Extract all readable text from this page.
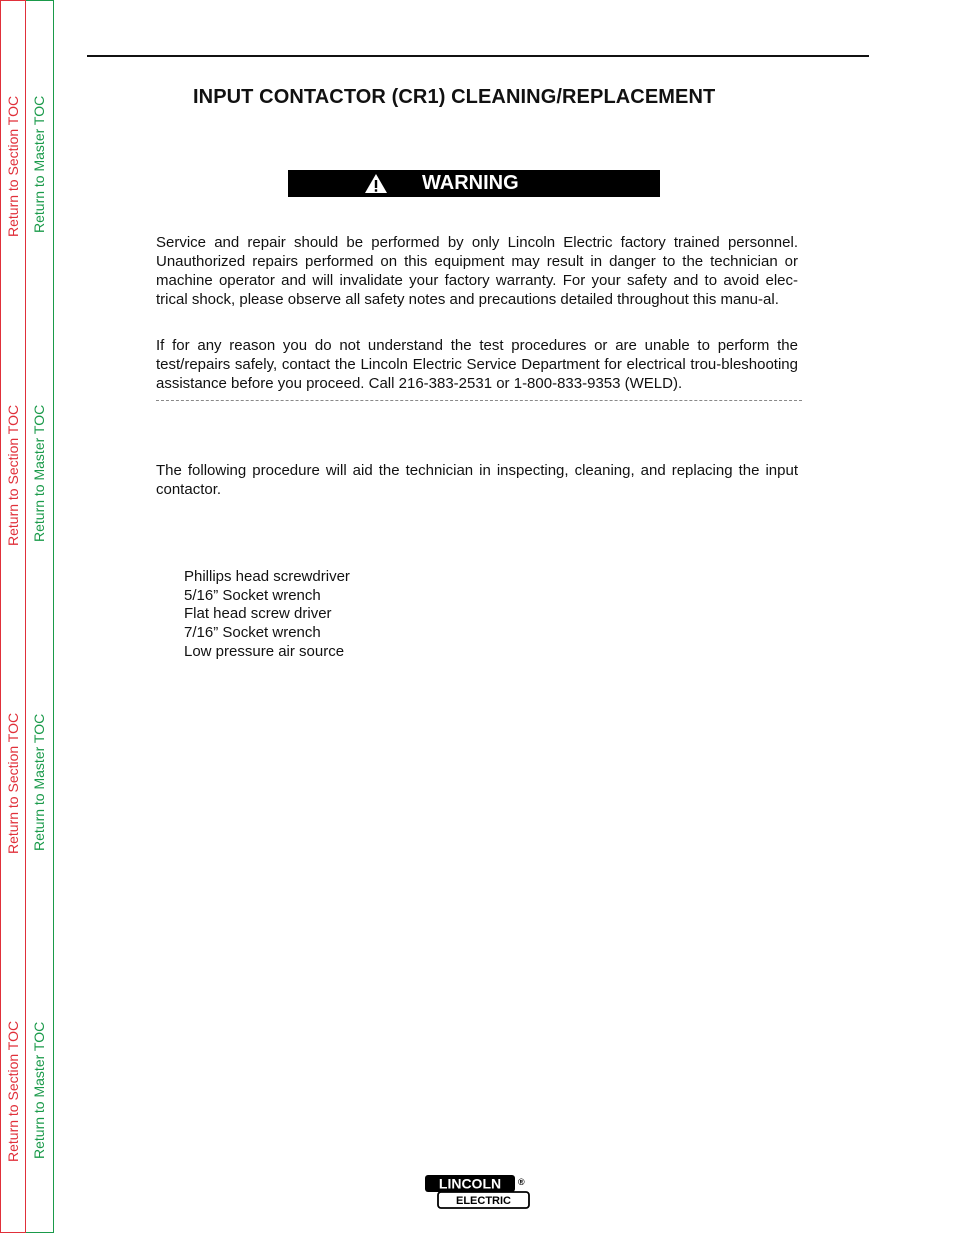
Return to Section TOC Return to Master TOC
Return to Section TOC Return to Master TOC
Return to Section TOC Return to Master TOC
Return to Section TOC Return to Master TOC
INPUT CONTACTOR (CR1) CLEANING/REPLACEMENT
WARNING

Service and repair should be performed by only Lincoln Electric factory trained personnel. Unauthorized repairs performed on this equipment may result in danger to the technician or machine operator and will invalidate your factory warranty. For your safety and to avoid elec-trical shock, please observe all safety notes and precautions detailed throughout this manu-al.

If for any reason you do not understand the test procedures or are unable to perform the test/repairs safely, contact the Lincoln Electric Service Department for electrical trou-bleshooting assistance before you proceed. Call 216-383-2531 or 1-800-833-9353 (WELD).

The following procedure will aid the technician in inspecting, cleaning, and replacing the input contactor.

Phillips head screwdriver
5/16” Socket wrench
Flat head screw driver
7/16” Socket wrench
Low pressure air source
LINCOLN
ELECTRIC
®
